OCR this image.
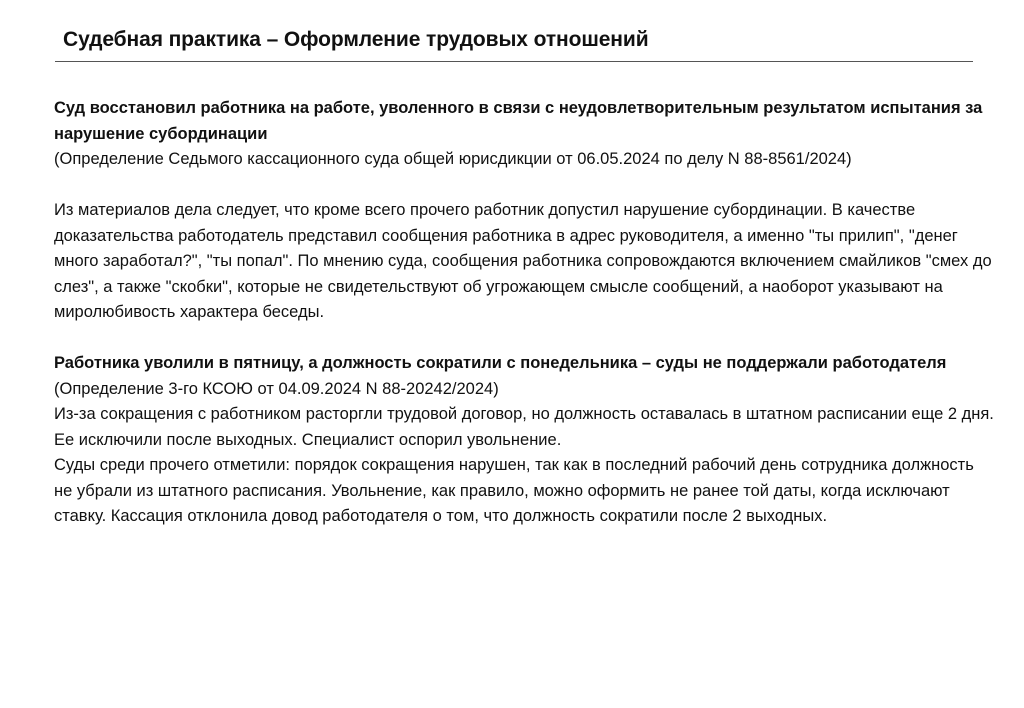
Судебная практика – Оформление трудовых отношений

Суд восстановил работника на работе, уволенного в связи с неудовлетворительным результатом испытания за нарушение субординации

(Определение Седьмого кассационного суда общей юрисдикции от 06.05.2024 по делу N 88-8561/2024)

Из материалов дела следует, что кроме всего прочего работник допустил нарушение субординации. В качестве доказательства работодатель представил сообщения работника в адрес руководителя, а именно "ты прилип", "денег много заработал?", "ты попал". По мнению суда, сообщения работника сопровождаются включением смайликов "смех до слез", а также "скобки", которые не свидетельствуют об угрожающем смысле сообщений, а наоборот указывают на миролюбивость характера беседы.

Работника уволили в пятницу, а должность сократили с понедельника – суды не поддержали работодателя

(Определение 3-го КСОЮ от 04.09.2024 N 88-20242/2024)

Из-за сокращения с работником расторгли трудовой договор, но должность оставалась в штатном расписании еще 2 дня. Ее исключили после выходных. Специалист оспорил увольнение.

Суды среди прочего отметили: порядок сокращения нарушен, так как в последний рабочий день сотрудника должность не убрали из штатного расписания. Увольнение, как правило, можно оформить не ранее той даты, когда исключают ставку. Кассация отклонила довод работодателя о том, что должность сократили после 2 выходных.
